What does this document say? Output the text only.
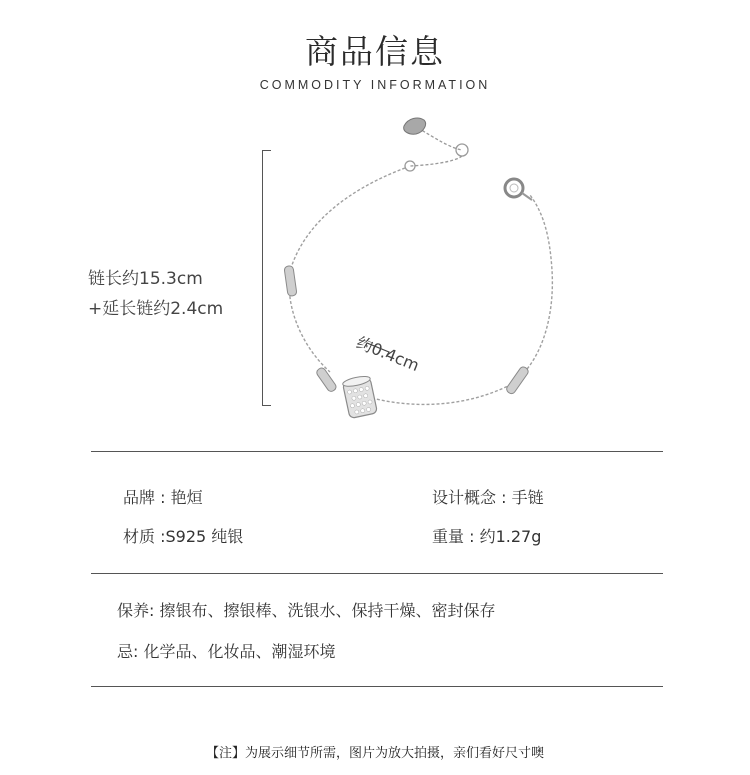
商品信息
COMMODITY INFORMATION
链长约15.3cm
+延长链约2.4cm
约0.4cm
品牌 : 艳烜	设计概念 : 手链
材质 :S925 纯银	重量 : 约1.27g
保养: 擦银布、擦银棒、洗银水、保持干燥、密封保存
忌: 化学品、化妆品、潮湿环境
【注】为展示细节所需，图片为放大拍摄，亲们看好尺寸噢
